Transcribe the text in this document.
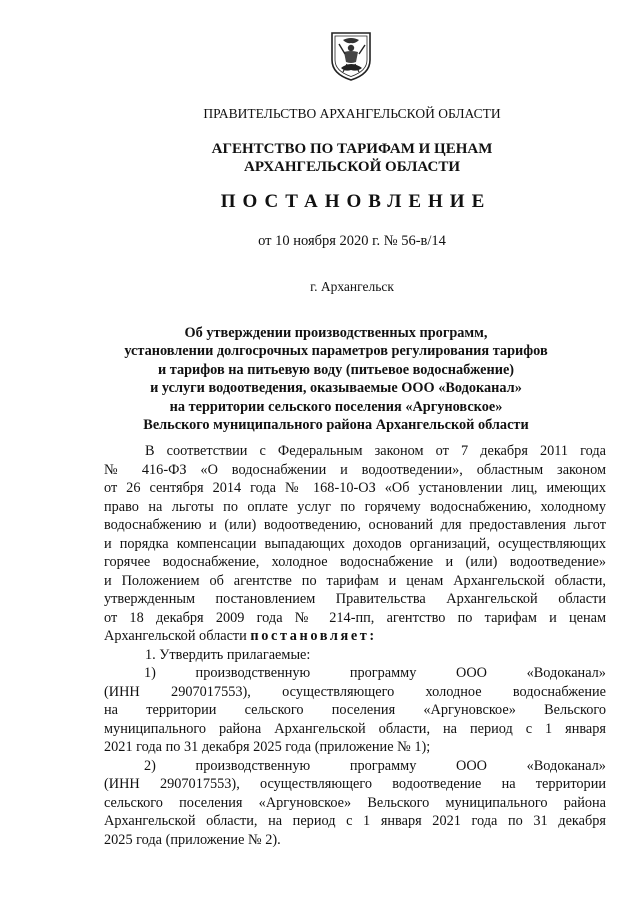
ПРАВИТЕЛЬСТВО АРХАНГЕЛЬСКОЙ ОБЛАСТИ
АГЕНТСТВО ПО ТАРИФАМ И ЦЕНАМ
АРХАНГЕЛЬСКОЙ ОБЛАСТИ
ПОСТАНОВЛЕНИЕ
от 10 ноября 2020 г. № 56-в/14
г. Архангельск
Об утверждении производственных программ,
установлении долгосрочных параметров регулирования тарифов
и тарифов на питьевую воду (питьевое водоснабжение)
и услуги водоотведения, оказываемые ООО «Водоканал»
на территории сельского поселения «Аргуновское»
Вельского муниципального района Архангельской области
В соответствии с Федеральным законом от 7 декабря 2011 года
№ 416-ФЗ «О водоснабжении и водоотведении», областным законом
от 26 сентября 2014 года № 168-10-ОЗ «Об установлении лиц, имеющих
право на льготы по оплате услуг по горячему водоснабжению, холодному
водоснабжению и (или) водоотведению, оснований для предоставления льгот
и порядка компенсации выпадающих доходов организаций, осуществляющих
горячее водоснабжение, холодное водоснабжение и (или) водоотведение»
и Положением об агентстве по тарифам и ценам Архангельской области,
утвержденным постановлением Правительства Архангельской области
от 18 декабря 2009 года № 214-пп, агентство по тарифам и ценам
Архангельской области постановляет:
1. Утвердить прилагаемые:
1)	производственную	программу	ООО	«Водоканал»
(ИНН 2907017553), осуществляющего холодное водоснабжение
на территории сельского поселения «Аргуновское» Вельского
муниципального района Архангельской области, на период с 1 января
2021 года по 31 декабря 2025 года (приложение № 1);
2)	производственную	программу	ООО	«Водоканал»
(ИНН 2907017553), осуществляющего водоотведение на территории
сельского поселения «Аргуновское» Вельского муниципального района
Архангельской области, на период с 1 января 2021 года по 31 декабря
2025 года (приложение № 2).
